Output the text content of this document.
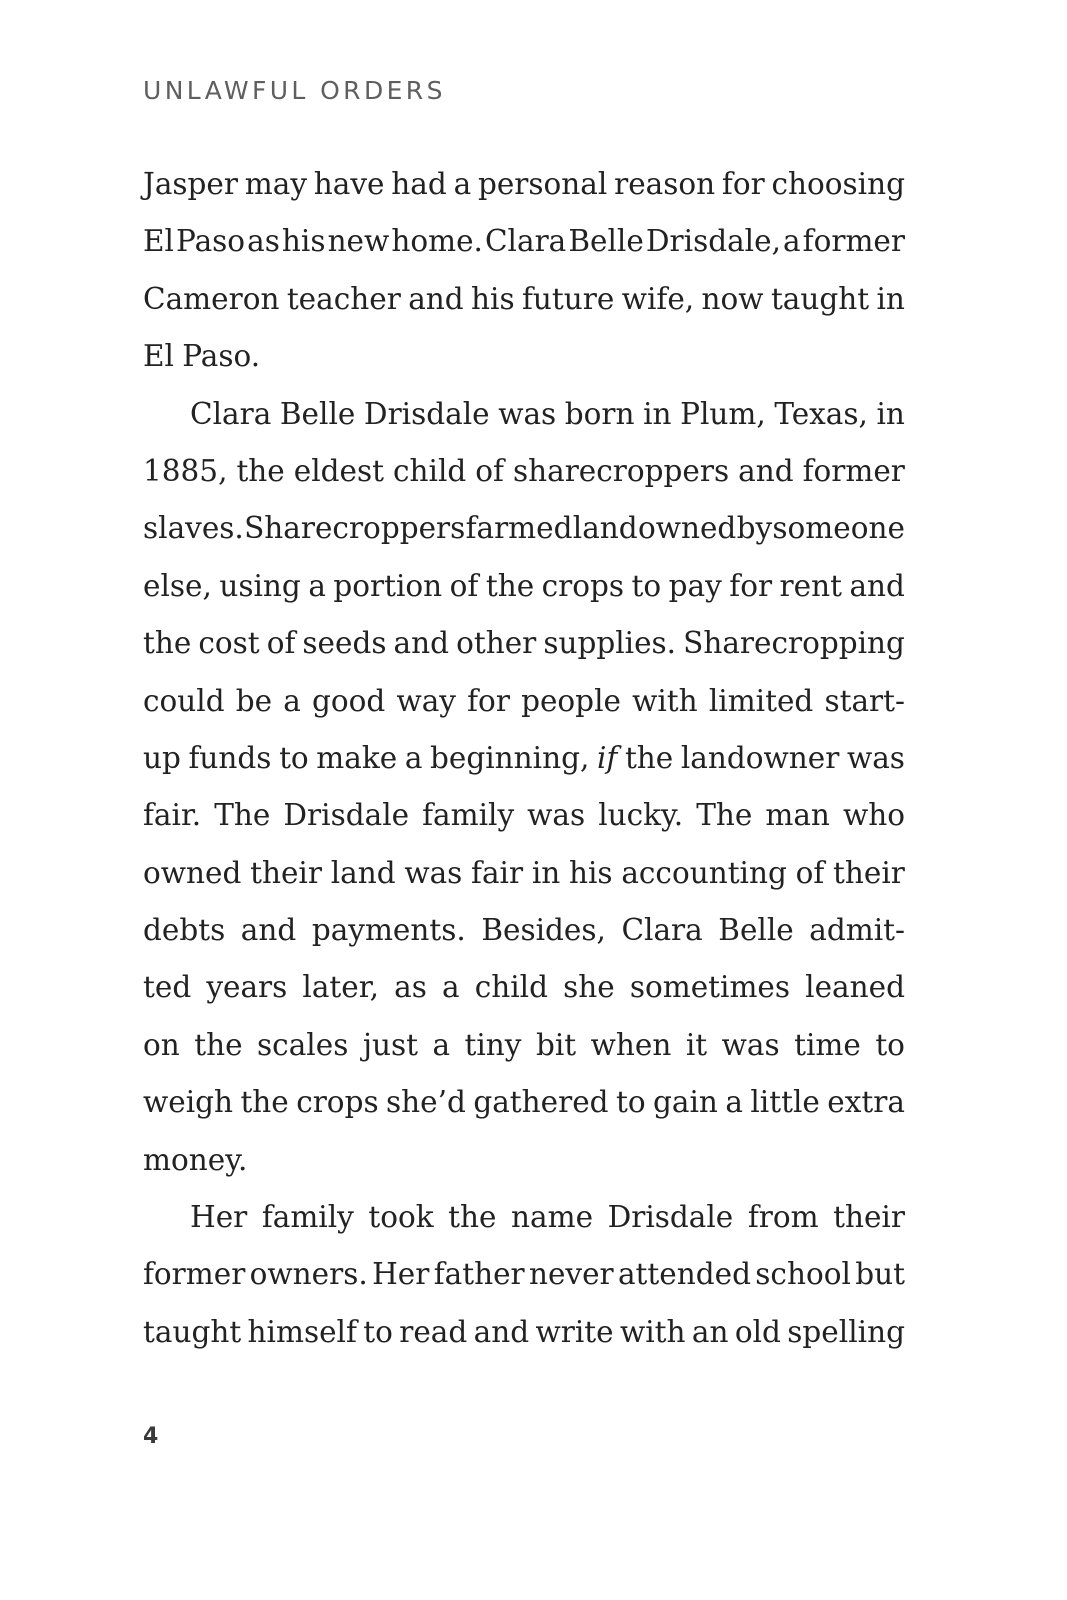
UNLAWFUL ORDERS
Jasper may have had a personal reason for choosing
El Paso as his new home. Clara Belle Drisdale, a former
Cameron teacher and his future wife, now taught in
El Paso.
Clara Belle Drisdale was born in Plum, Texas, in
1885, the eldest child of sharecroppers and former
slaves. Sharecroppers farmed land owned by someone
else, using a portion of the crops to pay for rent and
the cost of seeds and other supplies. Sharecropping
could be a good way for people with limited start-
up funds to make a beginning, if the landowner was
fair. The Drisdale family was lucky. The man who
owned their land was fair in his accounting of their
debts and payments. Besides, Clara Belle admit-
ted years later, as a child she sometimes leaned
on the scales just a tiny bit when it was time to
weigh the crops she’d gathered to gain a little extra
money.
Her family took the name Drisdale from their
former owners. Her father never attended school but
taught himself to read and write with an old spelling
4
